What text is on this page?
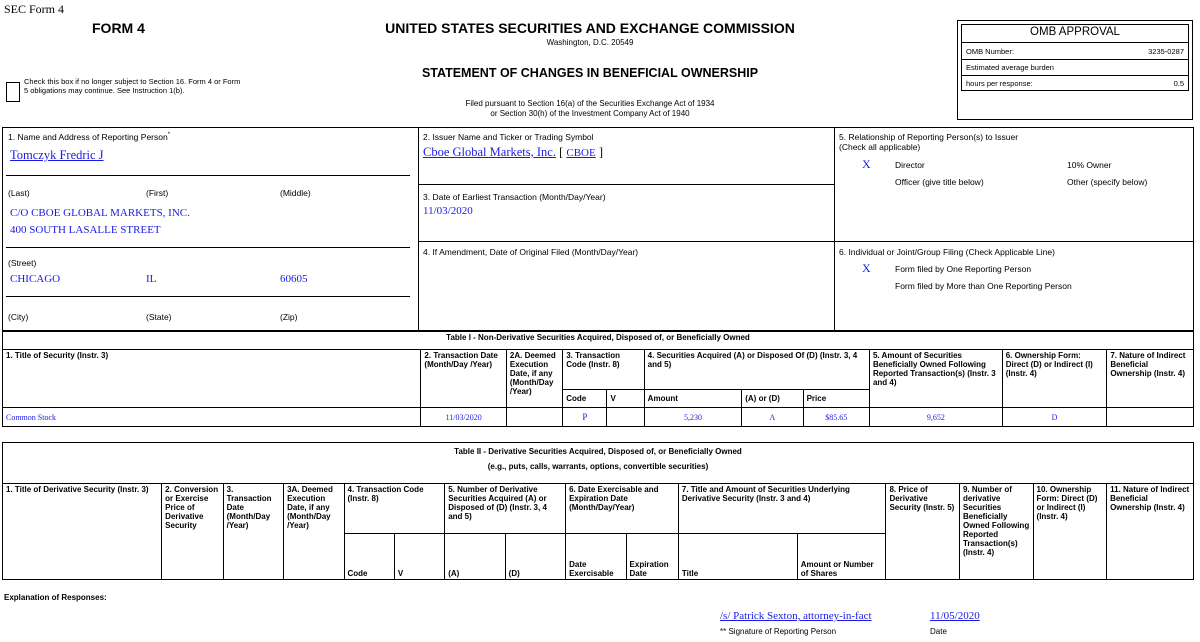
SEC Form 4
FORM 4
Check this box if no longer subject to Section 16. Form 4 or Form 5 obligations may continue. See Instruction 1(b).
UNITED STATES SECURITIES AND EXCHANGE COMMISSION
Washington, D.C. 20549
STATEMENT OF CHANGES IN BENEFICIAL OWNERSHIP
Filed pursuant to Section 16(a) of the Securities Exchange Act of 1934
or Section 30(h) of the Investment Company Act of 1940
OMB APPROVAL
OMB Number:	3235-0287
Estimated average burden
hours per response:	0.5
1. Name and Address of Reporting Person*
Tomczyk Fredric J
(Last)	(First)	(Middle)
C/O CBOE GLOBAL MARKETS, INC.
400 SOUTH LASALLE STREET
(Street)
CHICAGO	IL	60605
(City)	(State)	(Zip)
2. Issuer Name and Ticker or Trading Symbol
Cboe Global Markets, Inc. [ CBOE ]
3. Date of Earliest Transaction (Month/Day/Year)
11/03/2020
4. If Amendment, Date of Original Filed (Month/Day/Year)
5. Relationship of Reporting Person(s) to Issuer
(Check all applicable)
X	Director	10% Owner
Officer (give title below)	Other (specify below)
6. Individual or Joint/Group Filing (Check Applicable Line)
X	Form filed by One Reporting Person
Form filed by More than One Reporting Person
Table I - Non-Derivative Securities Acquired, Disposed of, or Beneficially Owned										
1. Title of Security (Instr. 3)	2. Transaction Date (Month/Day /Year)	2A. Deemed Execution Date, if any (Month/Day /Year)	3. Transaction Code (Instr. 8)		4. Securities Acquired (A) or Disposed Of (D) (Instr. 3, 4 and 5)			5. Amount of Securities Beneficially Owned Following Reported Transaction(s) (Instr. 3 and 4)	6. Ownership Form: Direct (D) or Indirect (I) (Instr. 4)	7. Nature of Indirect Beneficial Ownership (Instr. 4)
			Code	V	Amount	(A) or (D)	Price			
Common Stock	11/03/2020		P		5,230	A	$85.65	9,652	D	
Table II - Derivative Securities Acquired, Disposed of, or Beneficially Owned
(e.g., puts, calls, warrants, options, convertible securities)															

1. Title of Derivative Security (Instr. 3)	2. Conversion or Exercise Price of Derivative Security	3. Transaction Date (Month/Day /Year)	3A. Deemed Execution Date, if any (Month/Day /Year)	4. Transaction Code (Instr. 8)		5. Number of Derivative Securities Acquired (A) or Disposed of (D) (Instr. 3, 4 and 5)		6. Date Exercisable and Expiration Date (Month/Day/Year)		7. Title and Amount of Securities Underlying Derivative Security (Instr. 3 and 4)		8. Price of Derivative Security (Instr. 5)	9. Number of derivative Securities Beneficially Owned Following Reported Transaction(s) (Instr. 4)	10. Ownership Form: Direct (D) or Indirect (I) (Instr. 4)	11. Nature of Indirect Beneficial Ownership (Instr. 4)
				Code	V	(A)	(D)	Date Exercisable	Expiration Date	Title	Amount or Number of Shares				
Explanation of Responses:
/s/ Patrick Sexton, attorney-in-fact
** Signature of Reporting Person
11/05/2020
Date
